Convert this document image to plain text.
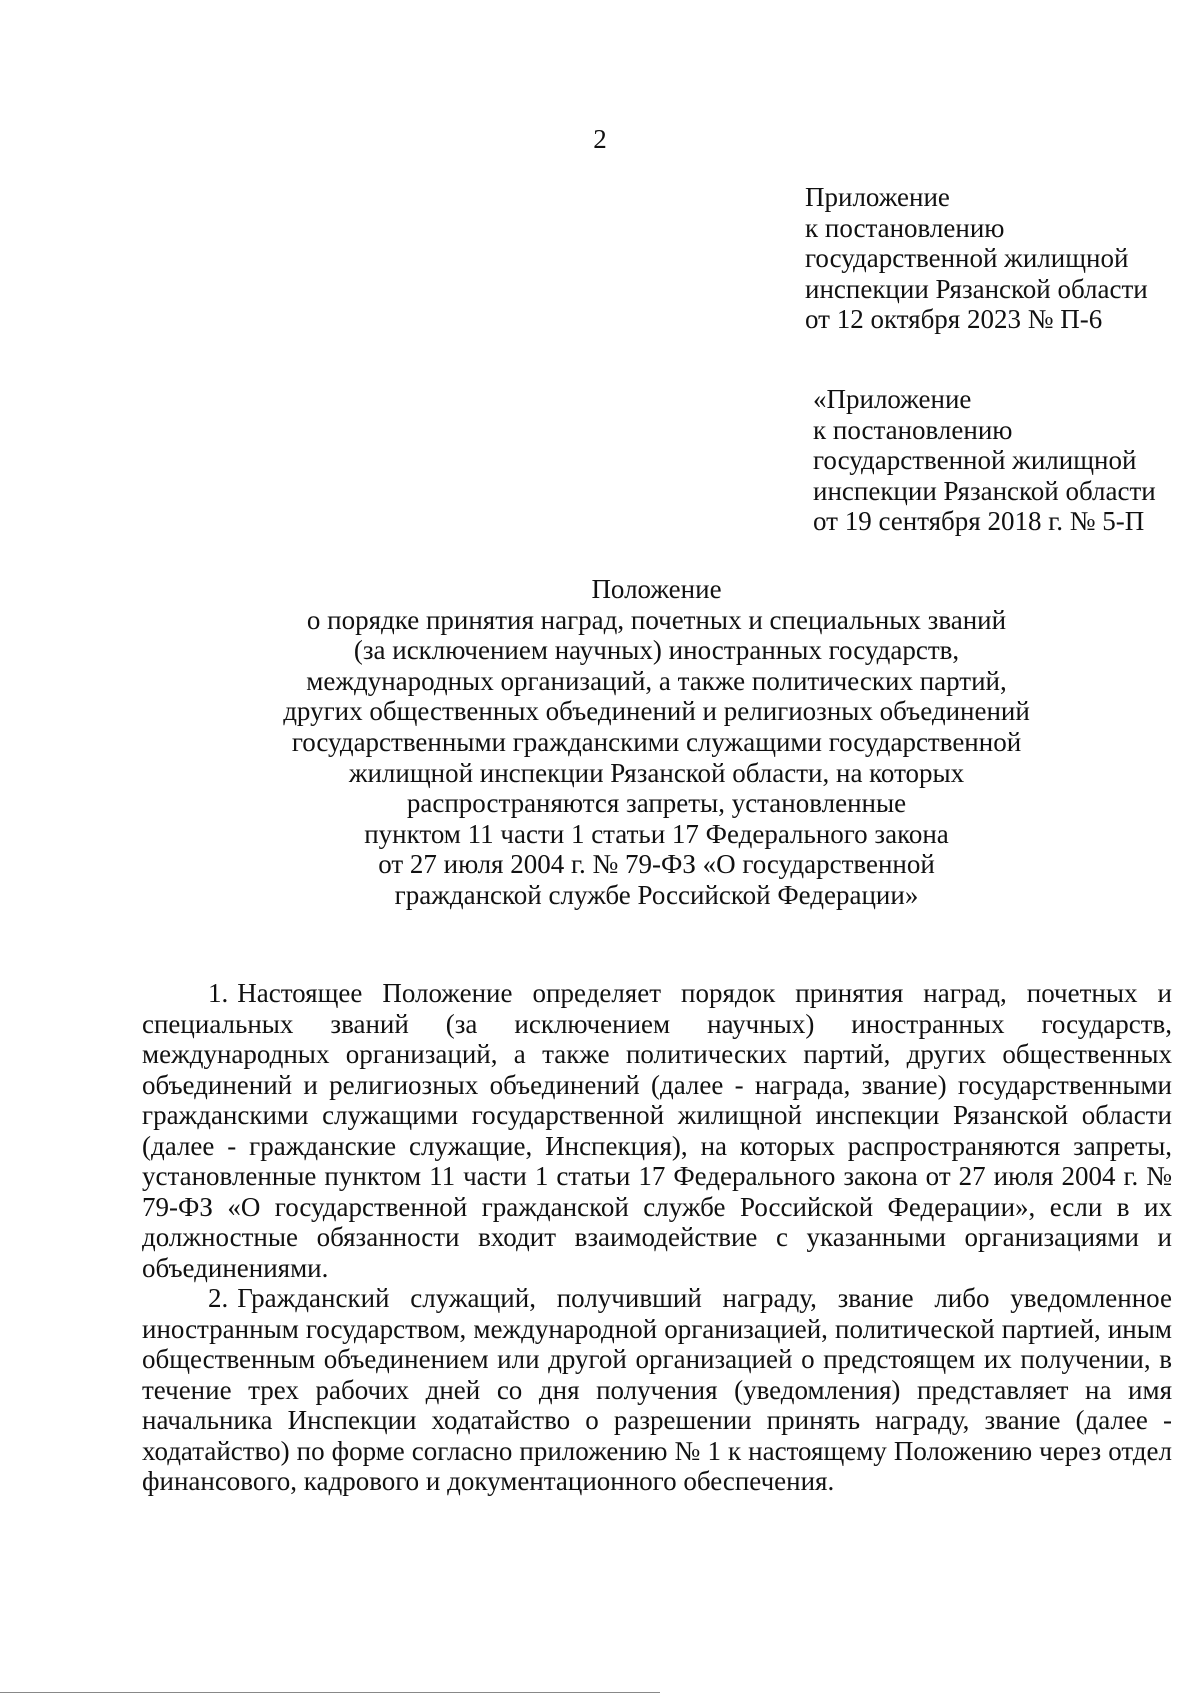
2
Приложение
к постановлению
государственной жилищной
инспекции Рязанской области
от 12 октября 2023 № П-6
«Приложение
к постановлению
государственной жилищной
инспекции Рязанской области
от 19 сентября 2018 г. № 5-П
Положение
о порядке принятия наград, почетных и специальных званий
(за исключением научных) иностранных государств,
международных организаций, а также политических партий,
других общественных объединений и религиозных объединений
государственными гражданскими служащими государственной
жилищной инспекции Рязанской области, на которых
распространяются запреты, установленные
пунктом 11 части 1 статьи 17 Федерального закона
от 27 июля 2004 г. № 79-ФЗ «О государственной
гражданской службе Российской Федерации»

1. Настоящее Положение определяет порядок принятия наград, почетных и специальных званий (за исключением научных) иностранных государств, международных организаций, а также политических партий, других общественных объединений и религиозных объединений (далее - награда, звание) государственными гражданскими служащими государственной жилищной инспекции Рязанской области (далее - гражданские служащие, Инспекция), на которых распространяются запреты, установленные пунктом 11 части 1 статьи 17 Федерального закона от 27 июля 2004 г. № 79-ФЗ «О государственной гражданской службе Российской Федерации», если в их должностные обязанности входит взаимодействие с указанными организациями и объединениями.

2. Гражданский служащий, получивший награду, звание либо уведомленное иностранным государством, международной организацией, политической партией, иным общественным объединением или другой организацией о предстоящем их получении, в течение трех рабочих дней со дня получения (уведомления) представляет на имя начальника Инспекции ходатайство о разрешении принять награду, звание (далее - ходатайство) по форме согласно приложению № 1 к настоящему Положению через отдел финансового, кадрового и документационного обеспечения.
